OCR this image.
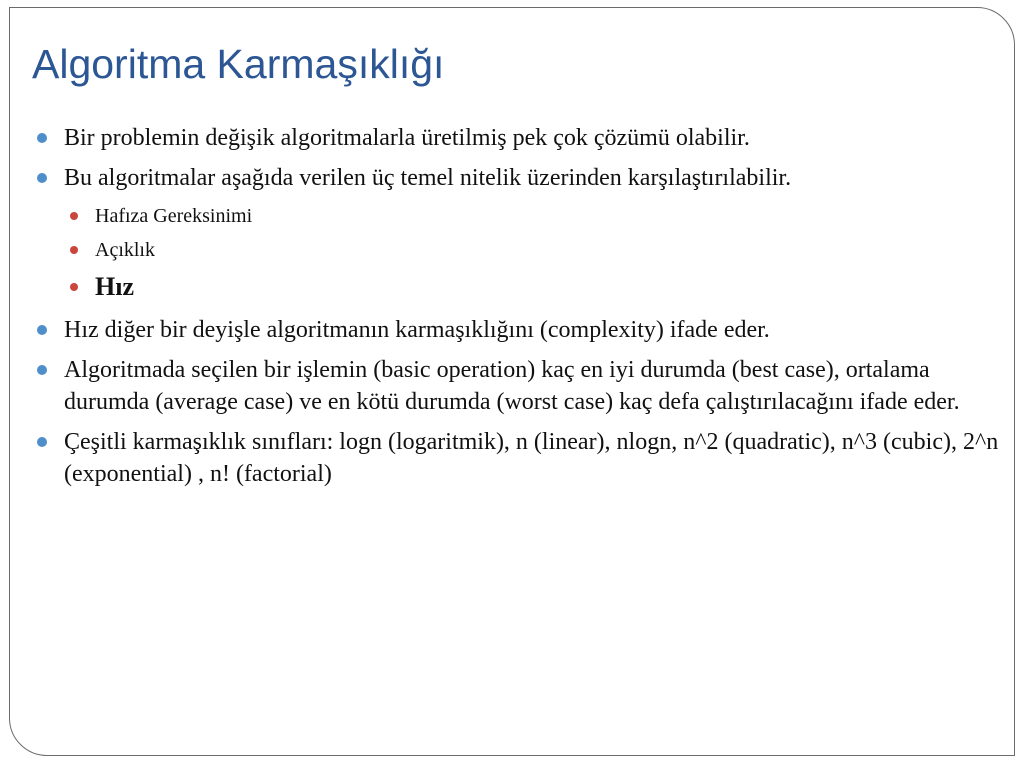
Algoritma Karmaşıklığı
Bir problemin değişik algoritmalarla üretilmiş pek çok çözümü olabilir.
Bu algoritmalar aşağıda verilen üç temel nitelik üzerinden karşılaştırılabilir.
Hafıza Gereksinimi
Açıklık
Hız
Hız diğer bir deyişle algoritmanın karmaşıklığını (complexity) ifade eder.
Algoritmada seçilen bir işlemin (basic operation) kaç en iyi durumda (best case), ortalama durumda (average case) ve en kötü durumda (worst case) kaç defa çalıştırılacağını ifade eder.
Çeşitli karmaşıklık sınıfları: logn (logaritmik), n (linear), nlogn, n^2 (quadratic), n^3 (cubic), 2^n (exponential) , n! (factorial)
